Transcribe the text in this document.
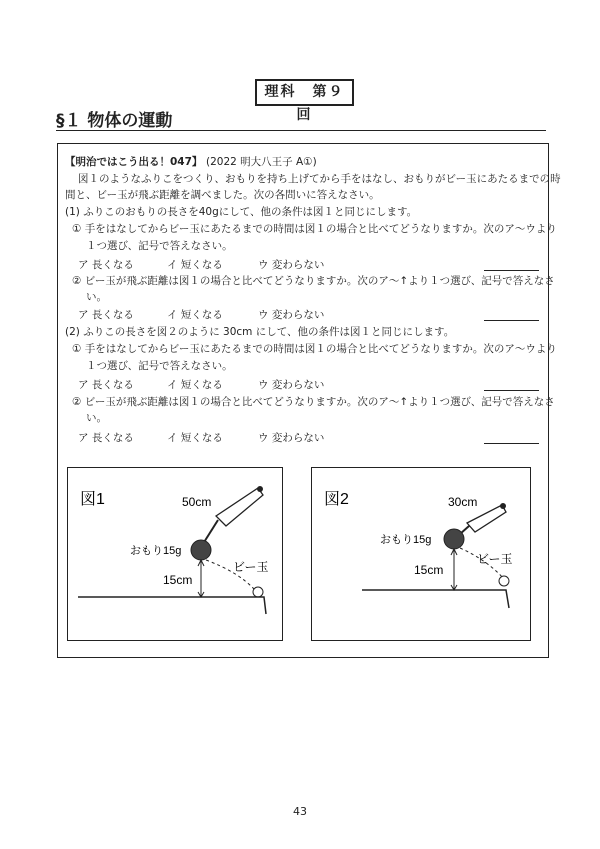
理科　第９回
§１ 物体の運動
【明治ではこう出る！047】 (2022 明大八王子 A①)
図１のようなふりこをつくり、おもりを持ち上げてから手をはなし、おもりがビー玉にあたるまでの時
間と、ビー玉が飛ぶ距離を調べました。次の各問いに答えなさい。
(1) ふりこのおもりの長さを40gにして、他の条件は図１と同じにします。
① 手をはなしてからビー玉にあたるまでの時間は図１の場合と比べてどうなりますか。次のア〜ウより
１つ選び、記号で答えなさい。
ア 長くなる	イ 短くなる	ウ 変わらない
② ビー玉が飛ぶ距離は図１の場合と比べてどうなりますか。次のア〜↑より１つ選び、記号で答えなさ
い。
ア 長くなる	イ 短くなる	ウ 変わらない
(2) ふりこの長さを図２のように 30cm にして、他の条件は図１と同じにします。
① 手をはなしてからビー玉にあたるまでの時間は図１の場合と比べてどうなりますか。次のア〜ウより
１つ選び、記号で答えなさい。
ア 長くなる	イ 短くなる	ウ 変わらない
② ビー玉が飛ぶ距離は図１の場合と比べてどうなりますか。次のア〜↑より１つ選び、記号で答えなさ
い。
ア 長くなる	イ 短くなる	ウ 変わらない
図1	50cm
おもり15g
15cm
ビー玉
図2	30cm
おもり15g
15cm
ビー玉
43
